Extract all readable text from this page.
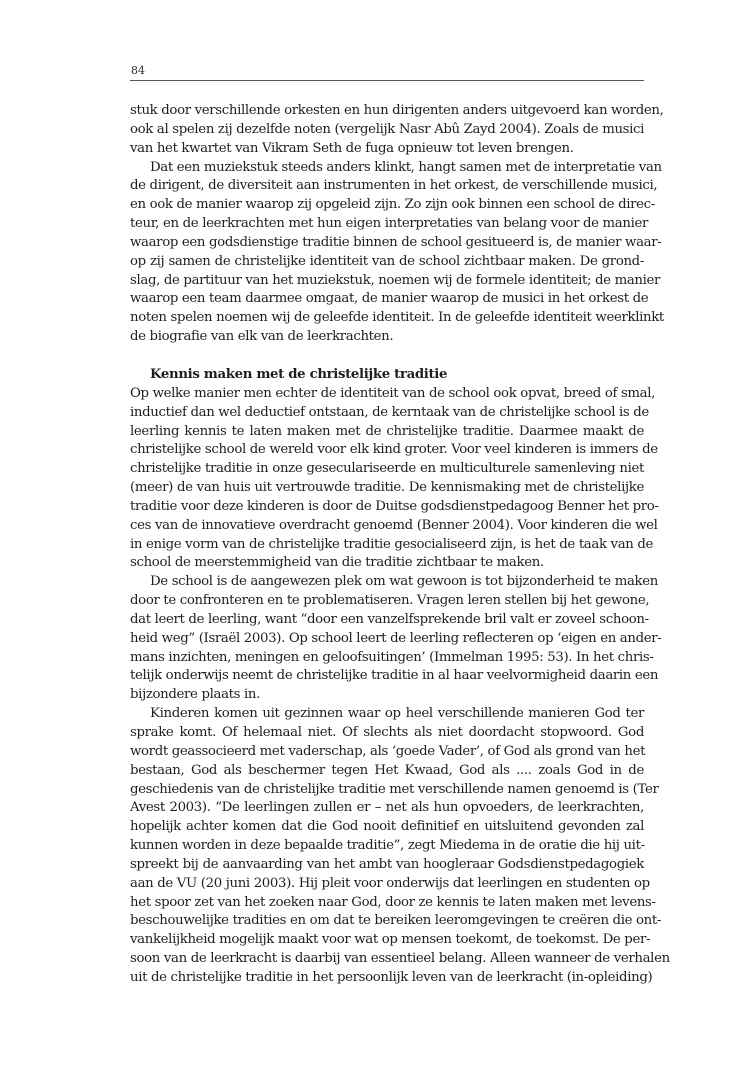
84
stuk door verschillende orkesten en hun dirigenten anders uitgevoerd kan worden,
ook al spelen zij dezelfde noten (vergelijk Nasr Abû Zayd 2004). Zoals de musici
van het kwartet van Vikram Seth de fuga opnieuw tot leven brengen.
Dat een muziekstuk steeds anders klinkt, hangt samen met de interpretatie van
de dirigent, de diversiteit aan instrumenten in het orkest, de verschillende musici,
en ook de manier waarop zij opgeleid zijn. Zo zijn ook binnen een school de direc-
teur, en de leerkrachten met hun eigen interpretaties van belang voor de manier
waarop een godsdienstige traditie binnen de school gesitueerd is, de manier waar-
op zij samen de christelijke identiteit van de school zichtbaar maken. De grond-
slag, de partituur van het muziekstuk, noemen wij de formele identiteit; de manier
waarop een team daarmee omgaat, de manier waarop de musici in het orkest de
noten spelen noemen wij de geleefde identiteit. In de geleefde identiteit weerklinkt
de biografie van elk van de leerkrachten.
Kennis maken met de christelijke traditie
Op welke manier men echter de identiteit van de school ook opvat, breed of smal,
inductief dan wel deductief ontstaan, de kerntaak van de christelijke school is de
leerling kennis te laten maken met de christelijke traditie. Daarmee maakt de
christelijke school de wereld voor elk kind groter. Voor veel kinderen is immers de
christelijke traditie in onze geseculariseerde en multiculturele samenleving niet
(meer) de van huis uit vertrouwde traditie. De kennismaking met de christelijke
traditie voor deze kinderen is door de Duitse godsdienstpedagoog Benner het pro-
ces van de innovatieve overdracht genoemd (Benner 2004). Voor kinderen die wel
in enige vorm van de christelijke traditie gesocialiseerd zijn, is het de taak van de
school de meerstemmigheid van die traditie zichtbaar te maken.
De school is de aangewezen plek om wat gewoon is tot bijzonderheid te maken
door te confronteren en te problematiseren. Vragen leren stellen bij het gewone,
dat leert de leerling, want “door een vanzelfsprekende bril valt er zoveel schoon-
heid weg” (Israël 2003). Op school leert de leerling reflecteren op ‘eigen en ander-
mans inzichten, meningen en geloofsuitingen’ (Immelman 1995: 53). In het chris-
telijk onderwijs neemt de christelijke traditie in al haar veelvormigheid daarin een
bijzondere plaats in.
Kinderen komen uit gezinnen waar op heel verschillende manieren God ter
sprake komt. Of helemaal niet. Of slechts als niet doordacht stopwoord. God
wordt geassocieerd met vaderschap, als ‘goede Vader’, of God als grond van het
bestaan, God als beschermer tegen Het Kwaad, God als .... zoals God in de
geschiedenis van de christelijke traditie met verschillende namen genoemd is (Ter
Avest 2003). “De leerlingen zullen er – net als hun opvoeders, de leerkrachten,
hopelijk achter komen dat die God nooit definitief en uitsluitend gevonden zal
kunnen worden in deze bepaalde traditie”, zegt Miedema in de oratie die hij uit-
spreekt bij de aanvaarding van het ambt van hoogleraar Godsdienstpedagogiek
aan de VU (20 juni 2003). Hij pleit voor onderwijs dat leerlingen en studenten op
het spoor zet van het zoeken naar God, door ze kennis te laten maken met levens-
beschouwelijke tradities en om dat te bereiken leeromgevingen te creëren die ont-
vankelijkheid mogelijk maakt voor wat op mensen toekomt, de toekomst. De per-
soon van de leerkracht is daarbij van essentieel belang. Alleen wanneer de verhalen
uit de christelijke traditie in het persoonlijk leven van de leerkracht (in-opleiding)
